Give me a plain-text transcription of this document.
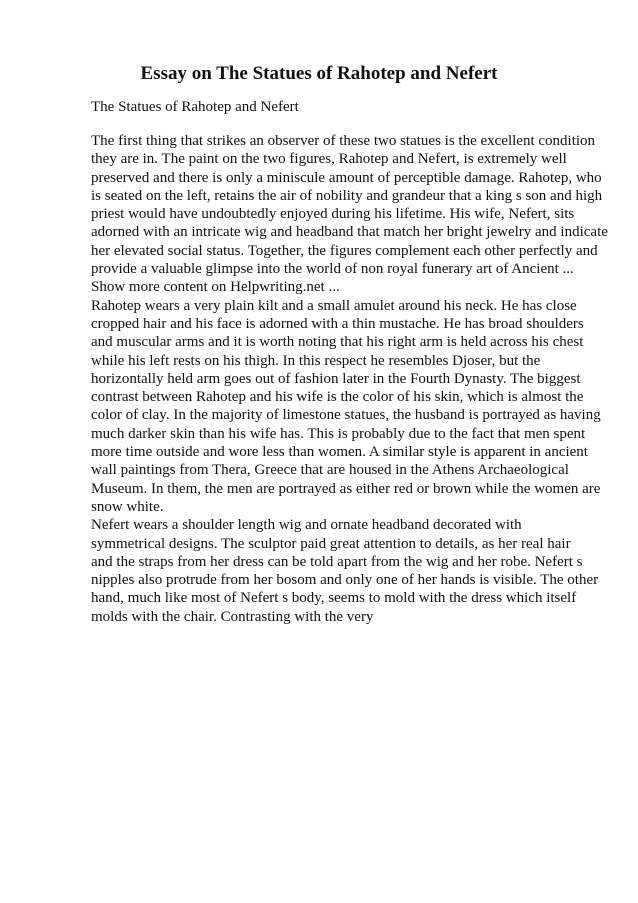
Essay on The Statues of Rahotep and Nefert

The Statues of Rahotep and Nefert

The first thing that strikes an observer of these two statues is the excellent condition
they are in. The paint on the two figures, Rahotep and Nefert, is extremely well
preserved and there is only a miniscule amount of perceptible damage. Rahotep, who
is seated on the left, retains the air of nobility and grandeur that a king s son and high
priest would have undoubtedly enjoyed during his lifetime. His wife, Nefert, sits
adorned with an intricate wig and headband that match her bright jewelry and indicate
her elevated social status. Together, the figures complement each other perfectly and
provide a valuable glimpse into the world of non royal funerary art of Ancient ...
Show more content on Helpwriting.net ...
Rahotep wears a very plain kilt and a small amulet around his neck. He has close
cropped hair and his face is adorned with a thin mustache. He has broad shoulders
and muscular arms and it is worth noting that his right arm is held across his chest
while his left rests on his thigh. In this respect he resembles Djoser, but the
horizontally held arm goes out of fashion later in the Fourth Dynasty. The biggest
contrast between Rahotep and his wife is the color of his skin, which is almost the
color of clay. In the majority of limestone statues, the husband is portrayed as having
much darker skin than his wife has. This is probably due to the fact that men spent
more time outside and wore less than women. A similar style is apparent in ancient
wall paintings from Thera, Greece that are housed in the Athens Archaeological
Museum. In them, the men are portrayed as either red or brown while the women are
snow white.
Nefert wears a shoulder length wig and ornate headband decorated with
symmetrical designs. The sculptor paid great attention to details, as her real hair
and the straps from her dress can be told apart from the wig and her robe. Nefert s
nipples also protrude from her bosom and only one of her hands is visible. The other
hand, much like most of Nefert s body, seems to mold with the dress which itself
molds with the chair. Contrasting with the very
